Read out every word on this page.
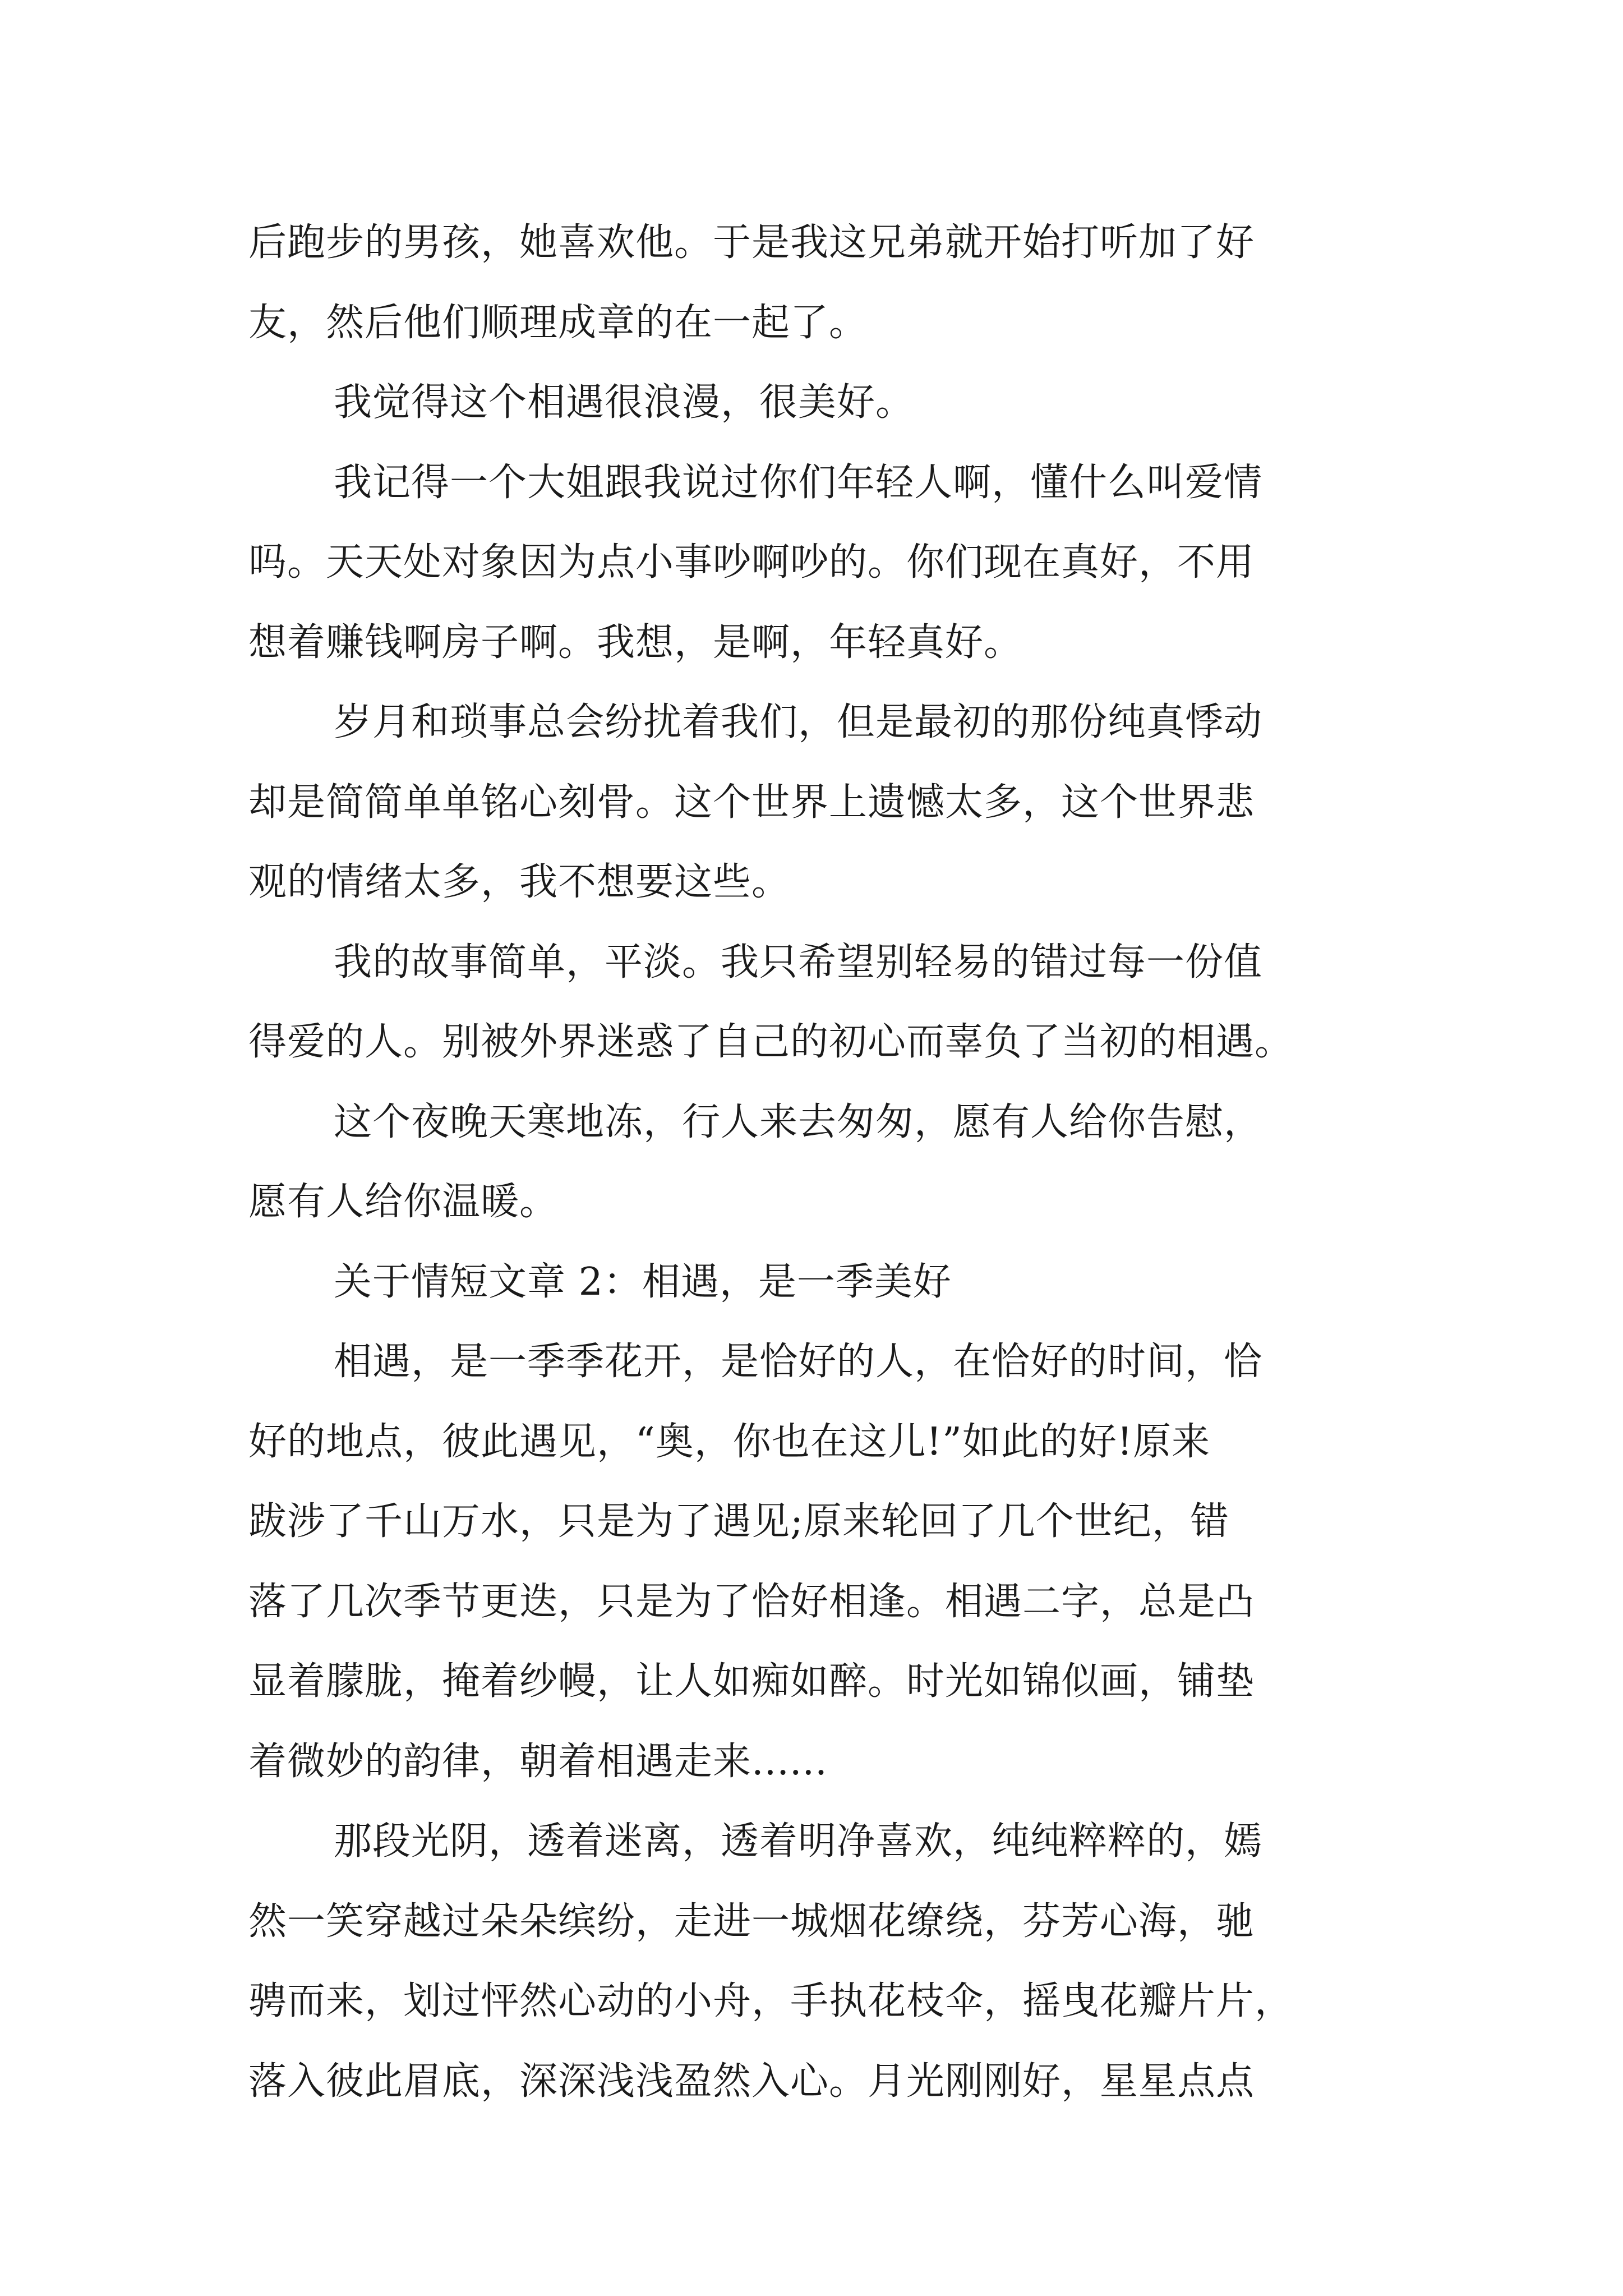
后跑步的男孩，她喜欢他。于是我这兄弟就开始打听加了好
友，然后他们顺理成章的在一起了。
我觉得这个相遇很浪漫，很美好。
我记得一个大姐跟我说过你们年轻人啊，懂什么叫爱情
吗。天天处对象因为点小事吵啊吵的。你们现在真好，不用
想着赚钱啊房子啊。我想，是啊，年轻真好。
岁月和琐事总会纷扰着我们，但是最初的那份纯真悸动
却是简简单单铭心刻骨。这个世界上遗憾太多，这个世界悲
观的情绪太多，我不想要这些。
我的故事简单，平淡。我只希望别轻易的错过每一份值
得爱的人。别被外界迷惑了自己的初心而辜负了当初的相遇。
这个夜晚天寒地冻，行人来去匆匆，愿有人给你告慰，
愿有人给你温暖。
关于情短文章 2：相遇，是一季美好
相遇，是一季季花开，是恰好的人，在恰好的时间，恰
好的地点，彼此遇见，“奥，你也在这儿!”如此的好!原来
跋涉了千山万水，只是为了遇见;原来轮回了几个世纪，错
落了几次季节更迭，只是为了恰好相逢。相遇二字，总是凸
显着朦胧，掩着纱幔，让人如痴如醉。时光如锦似画，铺垫
着微妙的韵律，朝着相遇走来......
那段光阴，透着迷离，透着明净喜欢，纯纯粹粹的，嫣
然一笑穿越过朵朵缤纷，走进一城烟花缭绕，芬芳心海，驰
骋而来，划过怦然心动的小舟，手执花枝伞，摇曳花瓣片片，
落入彼此眉底，深深浅浅盈然入心。月光刚刚好，星星点点
